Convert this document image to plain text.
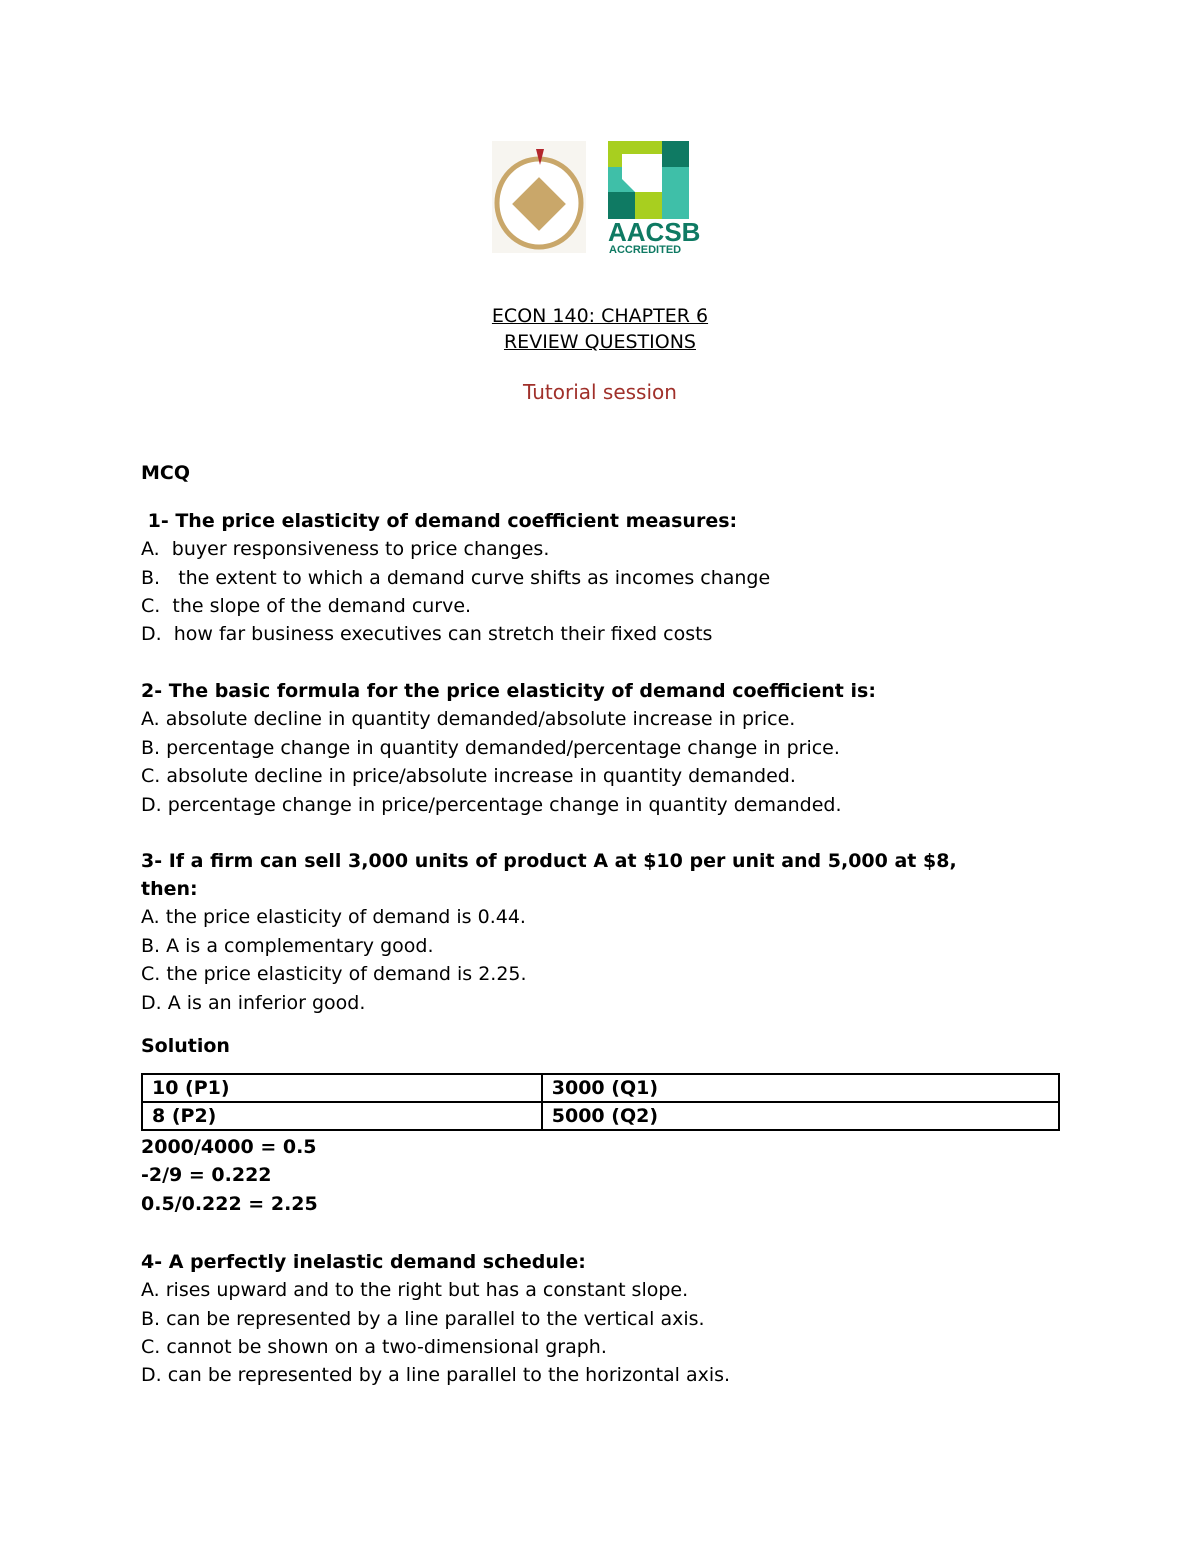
AACSB
ACCREDITED
ECON 140: CHAPTER 6
REVIEW QUESTIONS
Tutorial session
MCQ
1- The price elasticity of demand coefficient measures:
A.  buyer responsiveness to price changes.
B.   the extent to which a demand curve shifts as incomes change
C.  the slope of the demand curve.
D.  how far business executives can stretch their fixed costs
2- The basic formula for the price elasticity of demand coefficient is:
A. absolute decline in quantity demanded/absolute increase in price.
B. percentage change in quantity demanded/percentage change in price.
C. absolute decline in price/absolute increase in quantity demanded.
D. percentage change in price/percentage change in quantity demanded.
3- If a firm can sell 3,000 units of product A at $10 per unit and 5,000 at $8,
then:
A. the price elasticity of demand is 0.44.
B. A is a complementary good.
C. the price elasticity of demand is 2.25.
D. A is an inferior good.
Solution
10 (P1)	3000 (Q1)
8 (P2)	5000 (Q2)
2000/4000 = 0.5
-2/9 = 0.222
0.5/0.222 = 2.25
4- A perfectly inelastic demand schedule:
A. rises upward and to the right but has a constant slope.
B. can be represented by a line parallel to the vertical axis.
C. cannot be shown on a two-dimensional graph.
D. can be represented by a line parallel to the horizontal axis.
